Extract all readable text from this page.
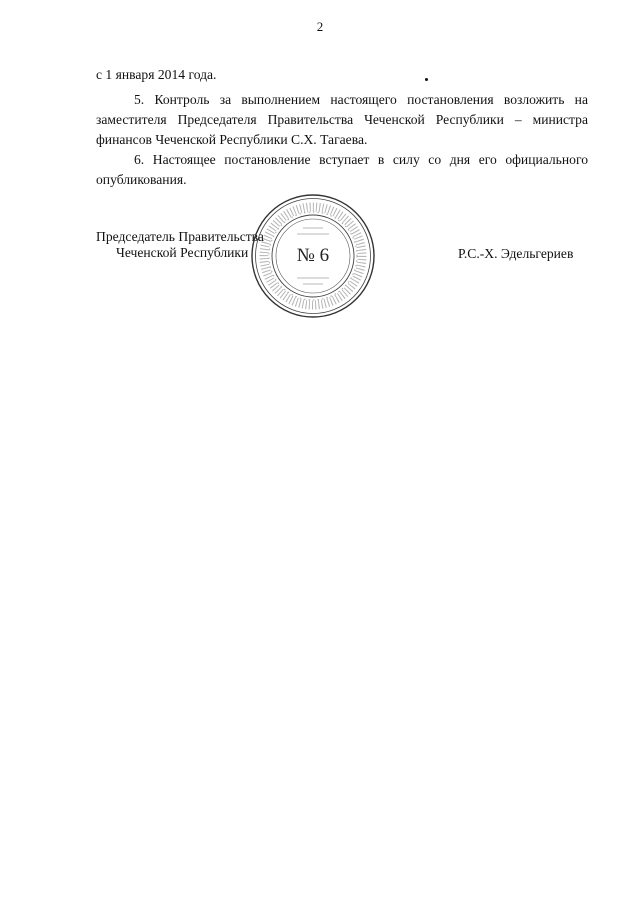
2
с 1 января 2014 года.

5. Контроль за выполнением настоящего постановления возложить на заместителя Председателя Правительства Чеченской Республики – министра финансов Чеченской Республики С.Х. Тагаева.

6. Настоящее постановление вступает в силу со дня его официального опубликования.

Председатель Правительства
Чеченской Республики	Р.С.-Х. Эдельгериев
№ 6
